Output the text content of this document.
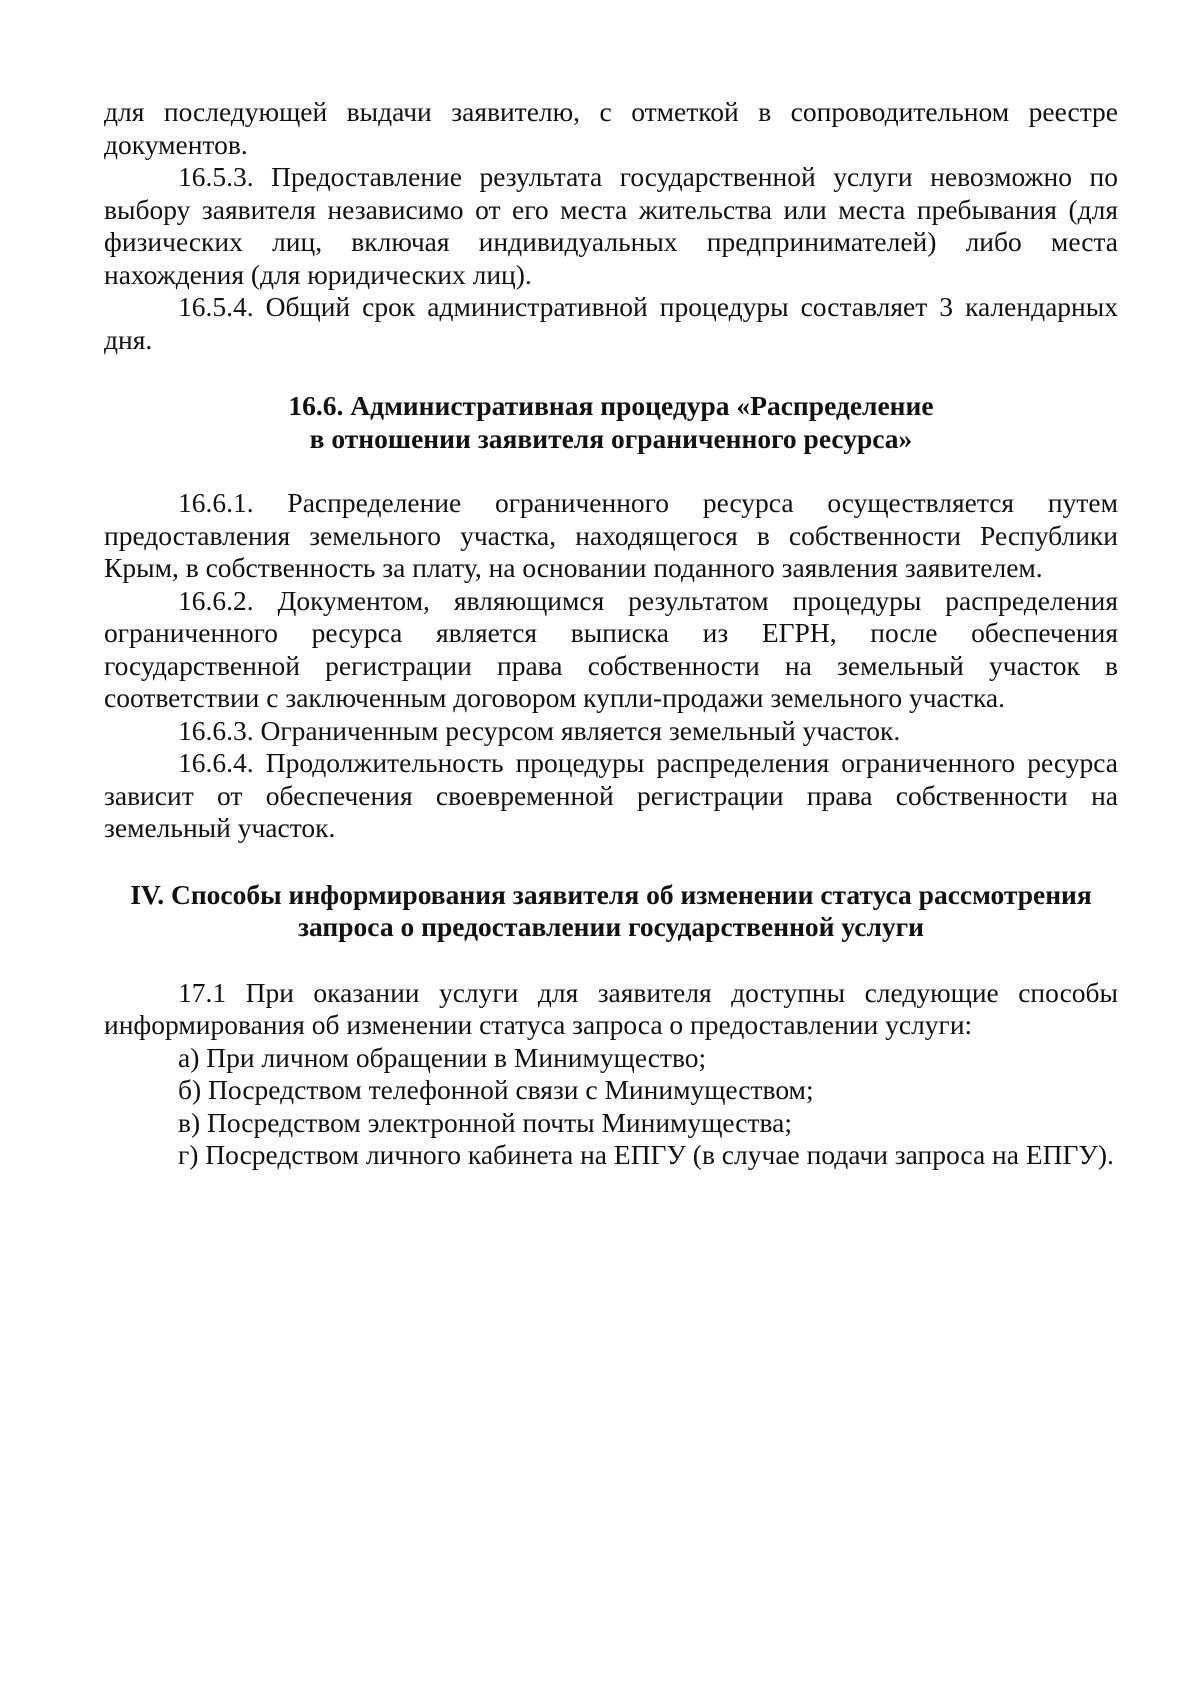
для последующей выдачи заявителю, с отметкой в сопроводительном реестре документов.

16.5.3. Предоставление результата государственной услуги невозможно по выбору заявителя независимо от его места жительства или места пребывания (для физических лиц, включая индивидуальных предпринимателей) либо места нахождения (для юридических лиц).

16.5.4. Общий срок административной процедуры составляет 3 календарных дня.

16.6. Административная процедура «Распределение
в отношении заявителя ограниченного ресурса»

16.6.1. Распределение ограниченного ресурса осуществляется путем предоставления земельного участка, находящегося в собственности Республики Крым, в собственность за плату, на основании поданного заявления заявителем.

16.6.2. Документом, являющимся результатом процедуры распределения ограниченного ресурса является выписка из ЕГРН, после обеспечения государственной регистрации права собственности на земельный участок в соответствии с заключенным договором купли-продажи земельного участка.

16.6.3. Ограниченным ресурсом является земельный участок.

16.6.4. Продолжительность процедуры распределения ограниченного ресурса зависит от обеспечения своевременной регистрации права собственности на земельный участок.

IV. Способы информирования заявителя об изменении статуса рассмотрения
запроса о предоставлении государственной услуги

17.1 При оказании услуги для заявителя доступны следующие способы информирования об изменении статуса запроса о предоставлении услуги:

а) При личном обращении в Минимущество;

б) Посредством телефонной связи с Минимуществом;

в) Посредством электронной почты Минимущества;

г) Посредством личного кабинета на ЕПГУ (в случае подачи запроса на ЕПГУ).
